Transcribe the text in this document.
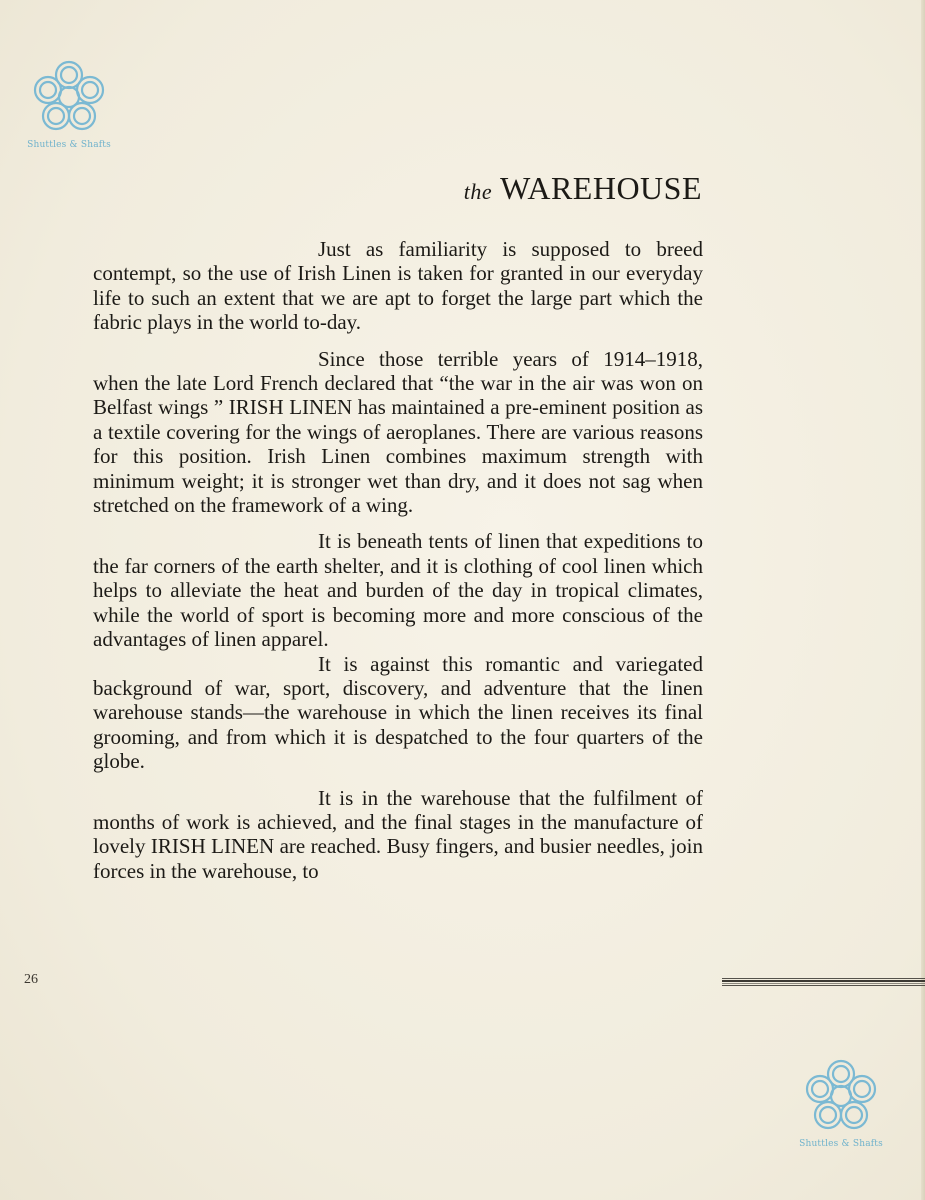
Shuttles & Shafts
the WAREHOUSE

Just as familiarity is supposed to breed contempt, so the use of Irish Linen is taken for granted in our everyday life to such an extent that we are apt to forget the large part which the fabric plays in the world to-day.

Since those terrible years of 1914–1918, when the late Lord French declared that “the war in the air was won on Belfast wings ” IRISH LINEN has maintained a pre-eminent position as a textile covering for the wings of aeroplanes. There are various reasons for this position. Irish Linen combines maximum strength with minimum weight; it is stronger wet than dry, and it does not sag when stretched on the framework of a wing.

It is beneath tents of linen that expeditions to the far corners of the earth shelter, and it is clothing of cool linen which helps to alleviate the heat and burden of the day in tropical climates, while the world of sport is becoming more and more conscious of the advantages of linen apparel.

It is against this romantic and variegated background of war, sport, discovery, and adventure that the linen warehouse stands—the warehouse in which the linen receives its final grooming, and from which it is despatched to the four quarters of the globe.

It is in the warehouse that the fulfilment of months of work is achieved, and the final stages in the manufacture of lovely IRISH LINEN are reached. Busy fingers, and busier needles, join forces in the warehouse, to

26
Shuttles & Shafts
